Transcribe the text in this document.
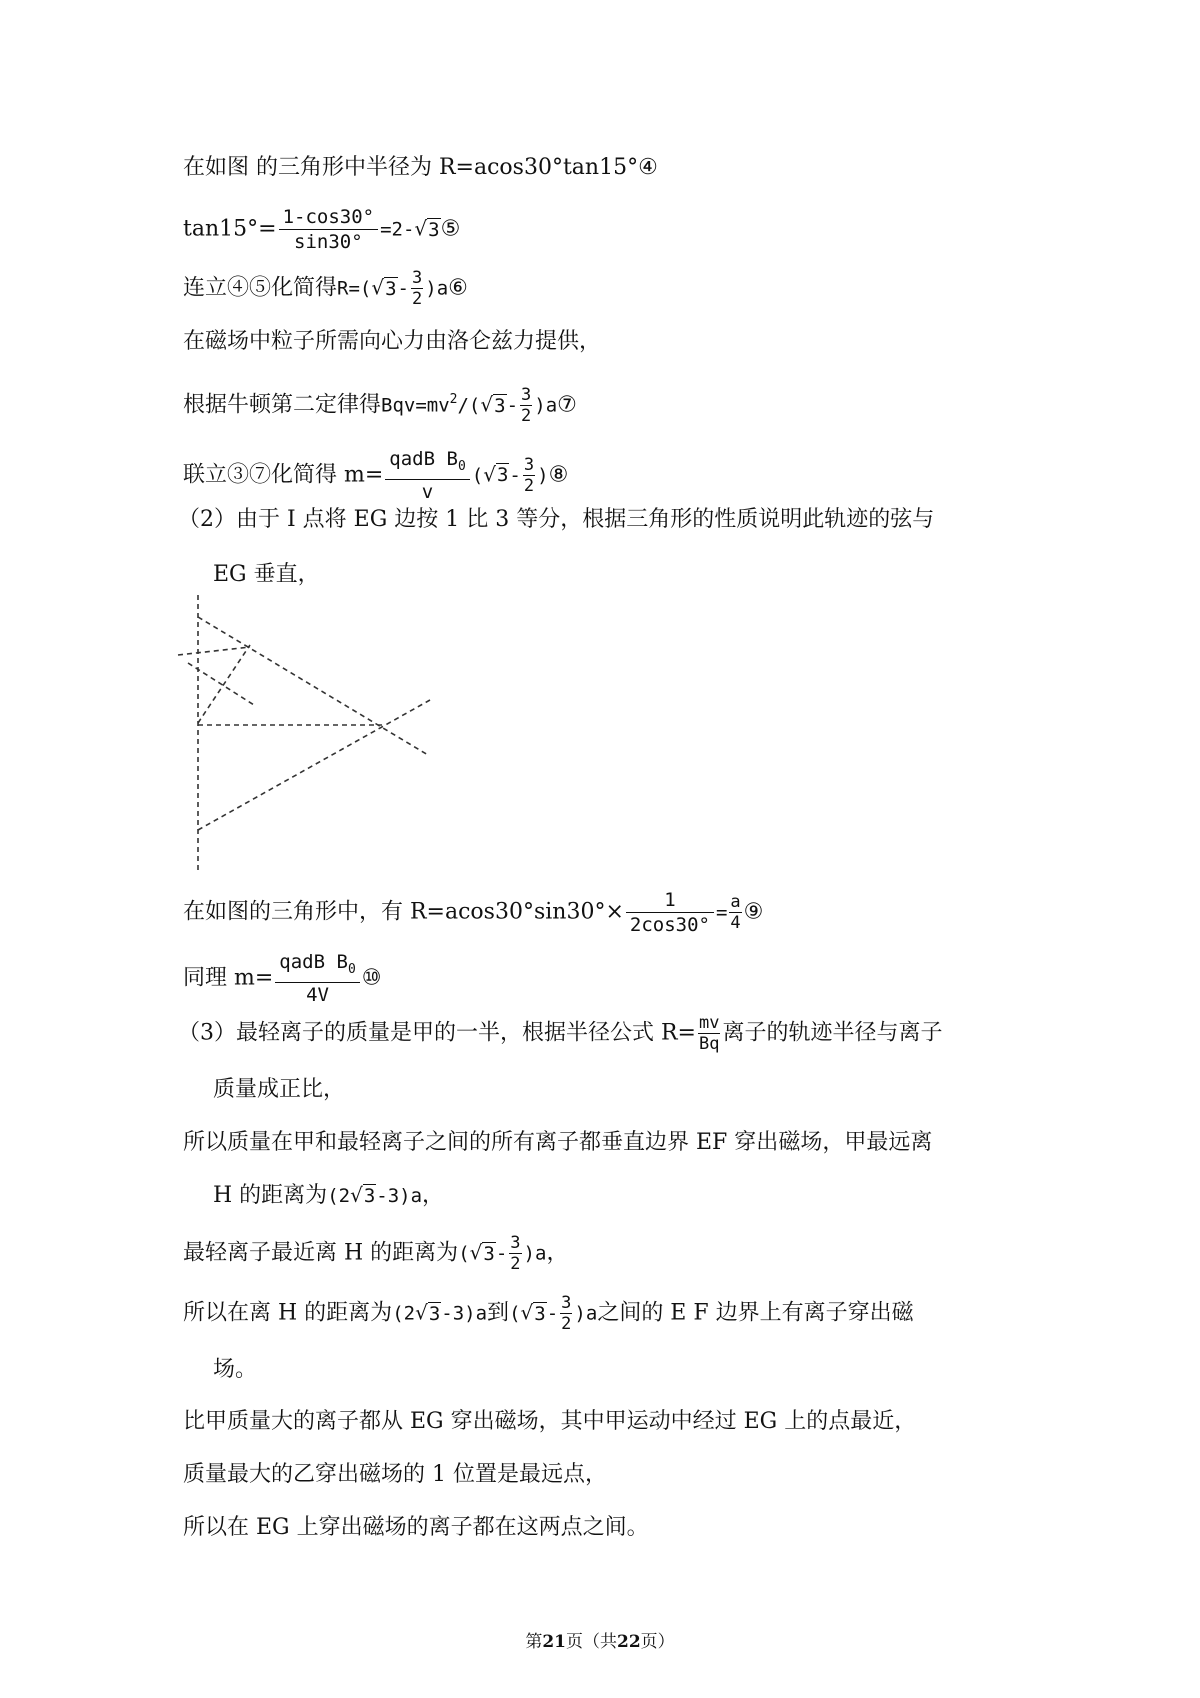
在如图 的三角形中半径为 R=acos30°tan15°④
$\tan 15^\circ= \frac{1-\cos 30^\circ}{\sin 30^\circ}$ =2-√3⑤
连立④⑤化简得$R=(√3- \frac{3}{2}$ )a⑥
在磁场中粒子所需向心力由洛仑兹力提供，
根据牛顿第二定律得$Bqv=mv^2/(√3- \frac{3}{2}$ )a⑦
联立③⑦化简得 $m= \frac{qadB B_0}{v} (√3- \frac{3}{2}$ )⑧
（2）由于 I 点将 EG 边按 1 比 3 等分，根据三角形的性质说明此轨迹的弦与
EG 垂直，
在如图的三角形中，有 $R=acos30^\circ\sin 30^\circ\times \frac{1}{2\cos 30^\circ} = \frac{a}{4}$ ⑨
同理 $m= \frac{qadB B_0}{4V}$ ⑩
（3）最轻离子的质量是甲的一半，根据半径公式 $R= \frac{mv}{Bq}$ 离子的轨迹半径与离子
质量成正比，
所以质量在甲和最轻离子之间的所有离子都垂直边界 EF 穿出磁场，甲最远离
H 的距离为(2√3-3)a，
最轻离子最近离 H 的距离为$(√3- \frac{3}{2} )a$，
所以在离 H 的距离为(2√3-3)a到$(√3- \frac{3}{2} )a$之间的 E F 边界上有离子穿出磁
场。
比甲质量大的离子都从 EG 穿出磁场，其中甲运动中经过 EG 上的点最近，
质量最大的乙穿出磁场的 1 位置是最远点，
所以在 EG 上穿出磁场的离子都在这两点之间。
第21页（共22页）
